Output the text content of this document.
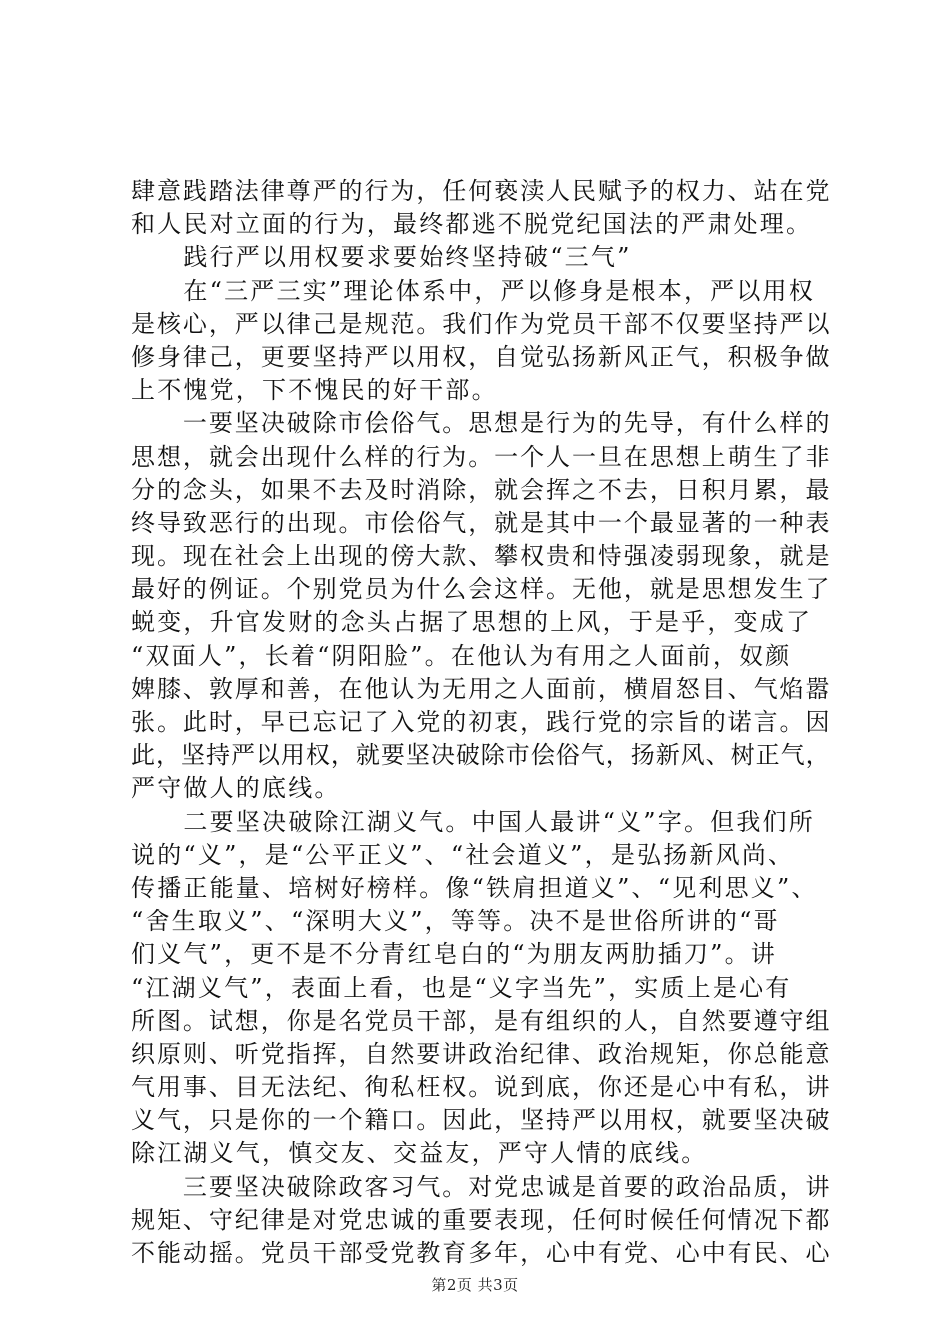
肆意践踏法律尊严的行为，任何亵渎人民赋予的权力、站在党
和人民对立面的行为，最终都逃不脱党纪国法的严肃处理。
　　践行严以用权要求要始终坚持破“三气”
　　在“三严三实”理论体系中，严以修身是根本，严以用权
是核心，严以律己是规范。我们作为党员干部不仅要坚持严以
修身律己，更要坚持严以用权，自觉弘扬新风正气，积极争做
上不愧党，下不愧民的好干部。
　　一要坚决破除市侩俗气。思想是行为的先导，有什么样的
思想，就会出现什么样的行为。一个人一旦在思想上萌生了非
分的念头，如果不去及时消除，就会挥之不去，日积月累，最
终导致恶行的出现。市侩俗气，就是其中一个最显著的一种表
现。现在社会上出现的傍大款、攀权贵和恃强凌弱现象，就是
最好的例证。个别党员为什么会这样。无他，就是思想发生了
蜕变，升官发财的念头占据了思想的上风，于是乎，变成了
“双面人”，长着“阴阳脸”。在他认为有用之人面前，奴颜
婢膝、敦厚和善，在他认为无用之人面前，横眉怒目、气焰嚣
张。此时，早已忘记了入党的初衷，践行党的宗旨的诺言。因
此，坚持严以用权，就要坚决破除市侩俗气，扬新风、树正气，
严守做人的底线。
　　二要坚决破除江湖义气。中国人最讲“义”字。但我们所
说的“义”，是“公平正义”、“社会道义”，是弘扬新风尚、
传播正能量、培树好榜样。像“铁肩担道义”、“见利思义”、
“舍生取义”、“深明大义”，等等。决不是世俗所讲的“哥
们义气”，更不是不分青红皂白的“为朋友两肋插刀”。讲
“江湖义气”，表面上看，也是“义字当先”，实质上是心有
所图。试想，你是名党员干部，是有组织的人，自然要遵守组
织原则、听党指挥，自然要讲政治纪律、政治规矩，你总能意
气用事、目无法纪、徇私枉权。说到底，你还是心中有私，讲
义气，只是你的一个籍口。因此，坚持严以用权，就要坚决破
除江湖义气，慎交友、交益友，严守人情的底线。
　　三要坚决破除政客习气。对党忠诚是首要的政治品质，讲
规矩、守纪律是对党忠诚的重要表现，任何时候任何情况下都
不能动摇。党员干部受党教育多年，心中有党、心中有民、心
第2页 共3页
